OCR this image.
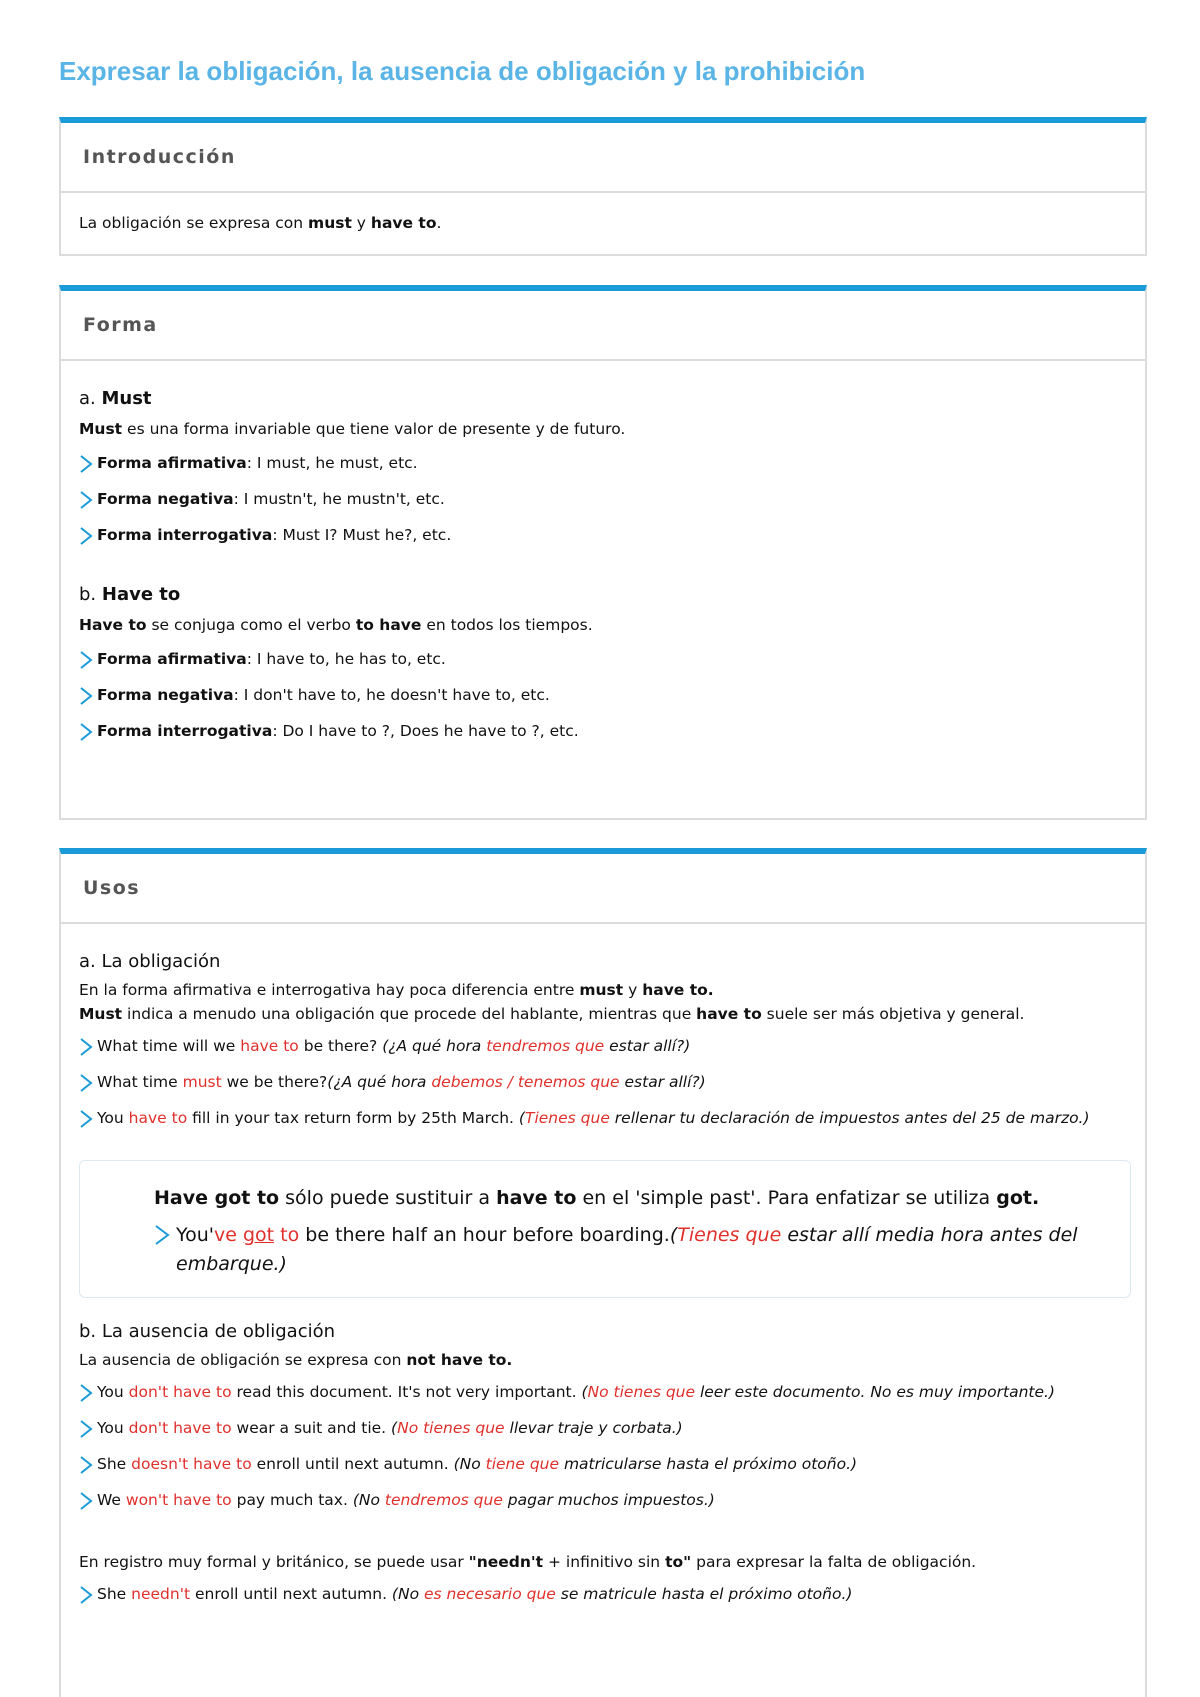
Expresar la obligación, la ausencia de obligación y la prohibición
Introducción
La obligación se expresa con must y have to.
Forma
a. Must
Must es una forma invariable que tiene valor de presente y de futuro.
Forma afirmativa: I must, he must, etc.
Forma negativa: I mustn't, he mustn't, etc.
Forma interrogativa: Must I? Must he?, etc.
b. Have to
Have to se conjuga como el verbo to have en todos los tiempos.
Forma afirmativa: I have to, he has to, etc.
Forma negativa: I don't have to, he doesn't have to, etc.
Forma interrogativa: Do I have to ?, Does he have to ?, etc.
Usos
a. La obligación
En la forma afirmativa e interrogativa hay poca diferencia entre must y have to.
Must indica a menudo una obligación que procede del hablante, mientras que have to suele ser más objetiva y general.
What time will we have to be there? (¿A qué hora tendremos que estar allí?)
What time must we be there?(¿A qué hora debemos / tenemos que estar allí?)
You have to fill in your tax return form by 25th March. (Tienes que rellenar tu declaración de impuestos antes del 25 de marzo.)
Have got to sólo puede sustituir a have to en el 'simple past'. Para enfatizar se utiliza got.
You've got to be there half an hour before boarding.(Tienes que estar allí media hora antes del embarque.)
b. La ausencia de obligación
La ausencia de obligación se expresa con not have to.
You don't have to read this document. It's not very important. (No tienes que leer este documento. No es muy importante.)
You don't have to wear a suit and tie. (No tienes que llevar traje y corbata.)
She doesn't have to enroll until next autumn. (No tiene que matricularse hasta el próximo otoño.)
We won't have to pay much tax. (No tendremos que pagar muchos impuestos.)
En registro muy formal y británico, se puede usar "needn't + infinitivo sin to" para expresar la falta de obligación.
She needn't enroll until next autumn. (No es necesario que se matricule hasta el próximo otoño.)
